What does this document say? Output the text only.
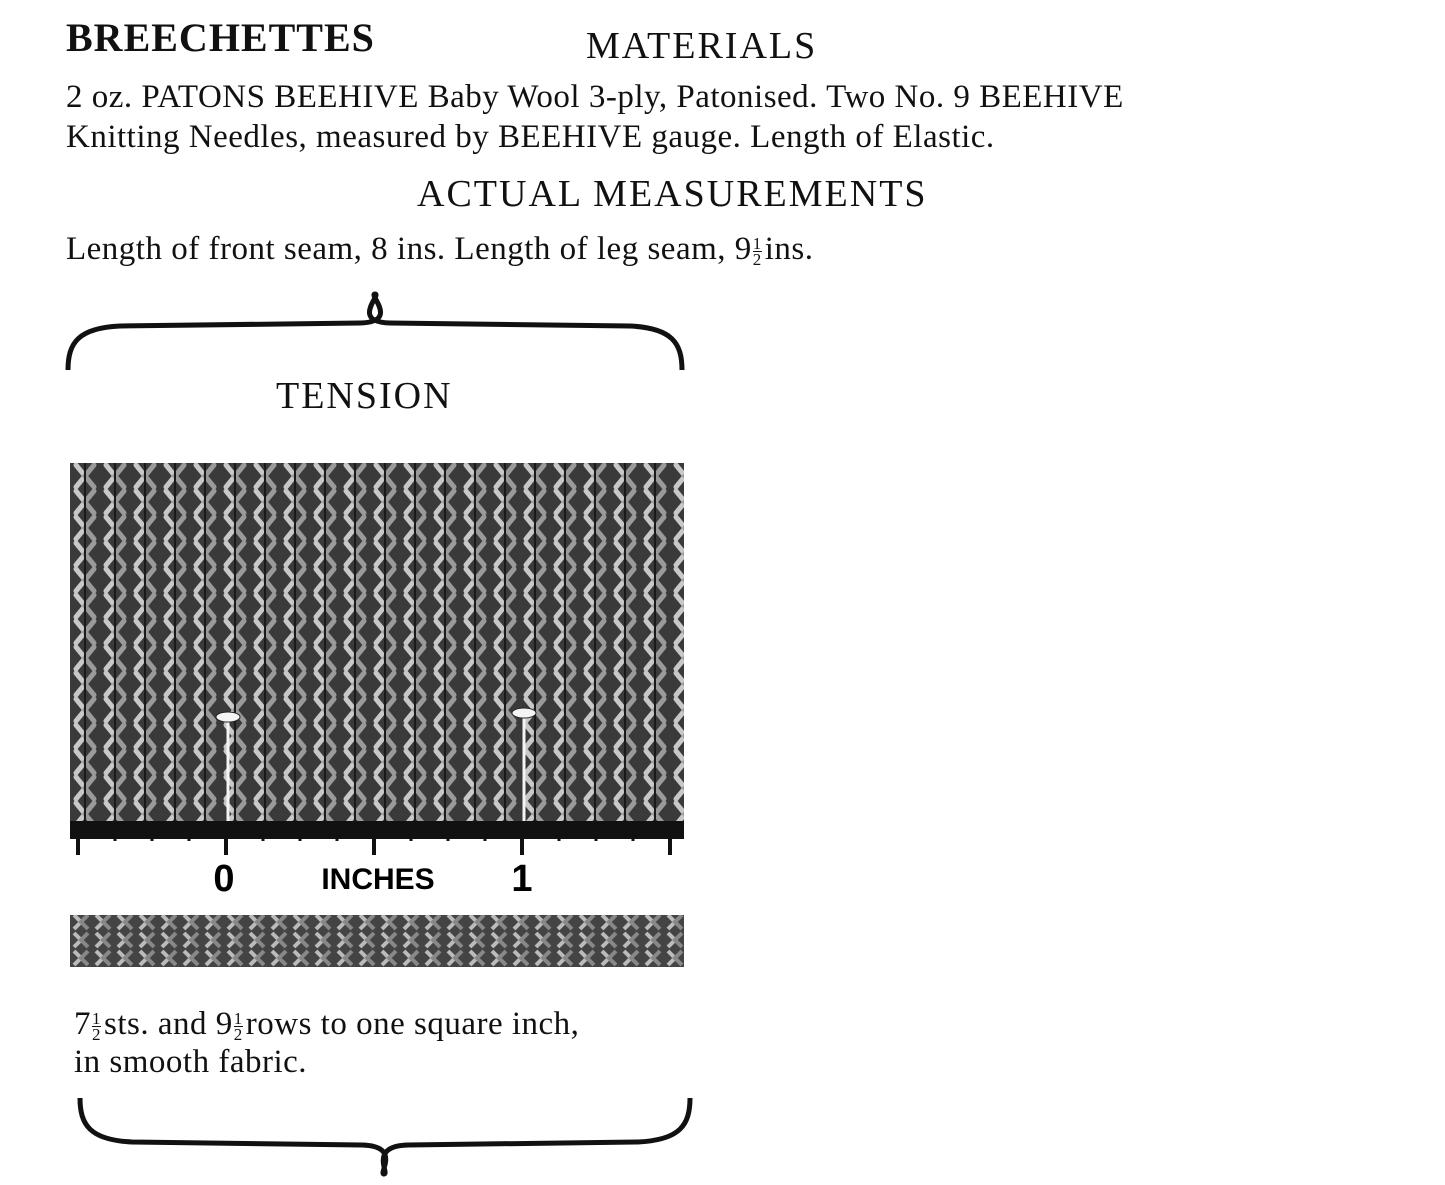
BREECHETTES	MATERIALS
2 oz. PATONS BEEHIVE Baby Wool 3-ply, Patonised. Two No. 9 BEEHIVE
Knitting Needles, measured by BEEHIVE gauge. Length of Elastic.
ACTUAL MEASUREMENTS
Length of front seam, 8 ins. Length of leg seam, $9 \frac{1}{2}$ ins.
TENSION
0	INCHES 1
$7 \frac{1}{2}$ sts. and $9 \frac{1}{2}$ rows to one square inch,
in smooth fabric.
